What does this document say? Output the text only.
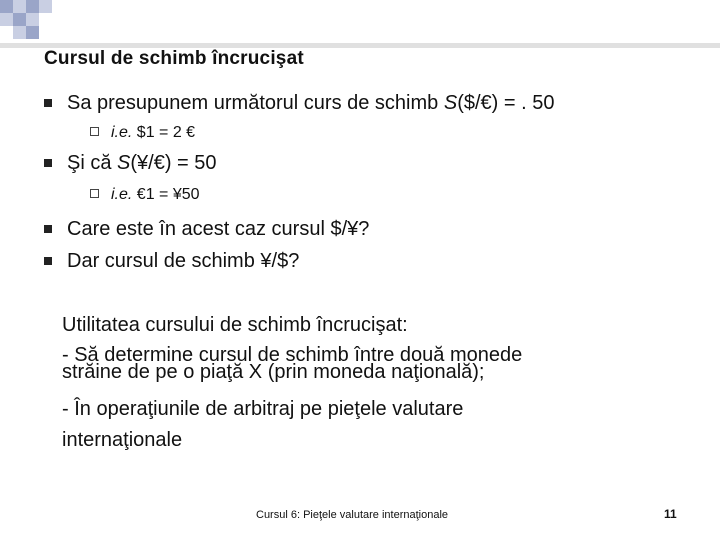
Cursul de schimb încrucişat
Sa presupunem următorul curs de schimb S ($/€) = . 50
i.e. $1 = 2 €
Şi că S (¥/€) = 50
i.e. €1 = ¥50
Care este în acest caz cursul $/¥?
Dar cursul de schimb ¥/$?
Utilitatea cursului de schimb încrucişat:
- Să determine cursul de schimb între două monede
străine de pe o piaţă X (prin moneda naţională);
- În operaţiunile de arbitraj pe pieţele valutare
internaţionale
Cursul 6: Pieţele valutare internaţionale	11
